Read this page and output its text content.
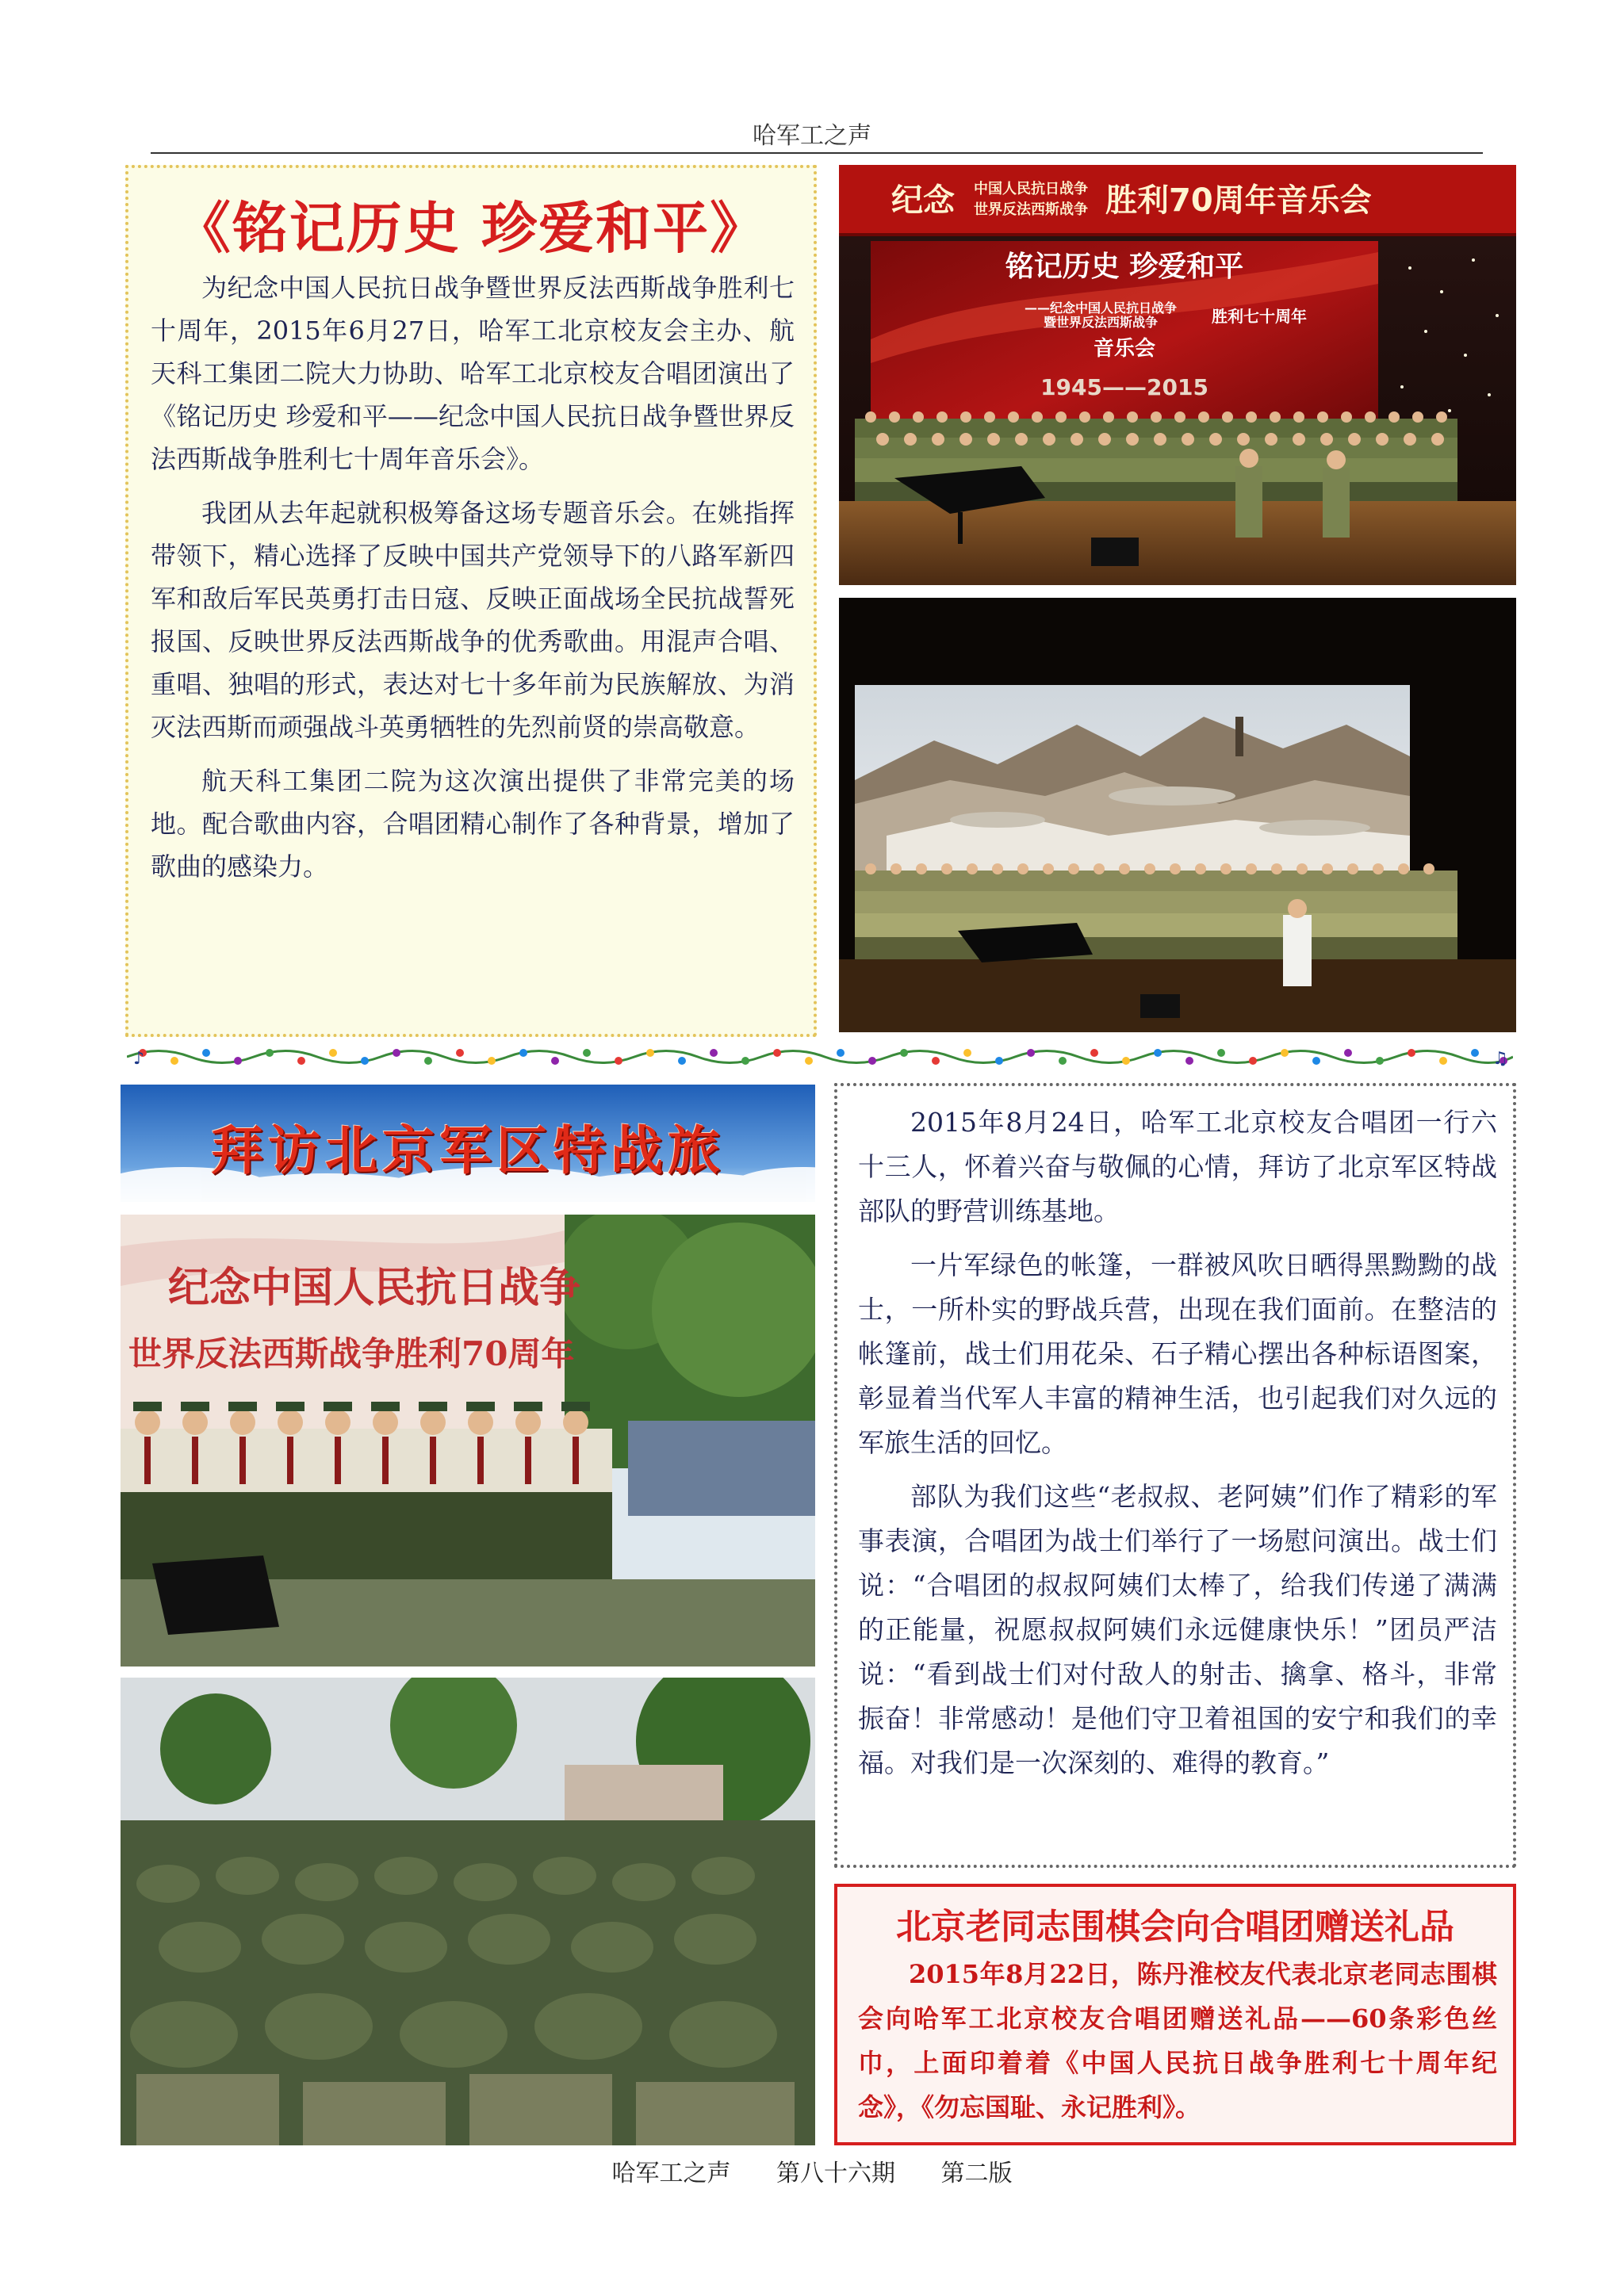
哈军工之声
《铭记历史 珍爱和平》

为纪念中国人民抗日战争暨世界反法西斯战争胜利七十周年，2015年6月27日，哈军工北京校友会主办、航天科工集团二院大力协助、哈军工北京校友合唱团演出了《铭记历史 珍爱和平——纪念中国人民抗日战争暨世界反法西斯战争胜利七十周年音乐会》。

我团从去年起就积极筹备这场专题音乐会。在姚指挥带领下，精心选择了反映中国共产党领导下的八路军新四军和敌后军民英勇打击日寇、反映正面战场全民抗战誓死报国、反映世界反法西斯战争的优秀歌曲。用混声合唱、重唱、独唱的形式，表达对七十多年前为民族解放、为消灭法西斯而顽强战斗英勇牺牲的先烈前贤的崇高敬意。

航天科工集团二院为这次演出提供了非常完美的场地。配合歌曲内容，合唱团精心制作了各种背景，增加了歌曲的感染力。

纪念 中国人民抗日战争
世界反法西斯战争 胜利70周年音乐会
铭记历史 珍爱和平
——纪念中国人民抗日战争
暨世界反法西斯战争	胜利七十周年
音乐会
1945——2015
♪	♫
拜访北京军区特战旅
纪念中国人民抗日战争
世界反法西斯战争胜利70周年

2015年8月24日，哈军工北京校友合唱团一行六十三人，怀着兴奋与敬佩的心情，拜访了北京军区特战部队的野营训练基地。

一片军绿色的帐篷，一群被风吹日晒得黑黝黝的战士，一所朴实的野战兵营，出现在我们面前。在整洁的帐篷前，战士们用花朵、石子精心摆出各种标语图案，彰显着当代军人丰富的精神生活，也引起我们对久远的军旅生活的回忆。

部队为我们这些“老叔叔、老阿姨”们作了精彩的军事表演，合唱团为战士们举行了一场慰问演出。战士们说：“合唱团的叔叔阿姨们太棒了，给我们传递了满满的正能量，祝愿叔叔阿姨们永远健康快乐！”团员严洁说：“看到战士们对付敌人的射击、擒拿、格斗，非常振奋！非常感动！是他们守卫着祖国的安宁和我们的幸福。对我们是一次深刻的、难得的教育。”

北京老同志围棋会向合唱团赠送礼品

2015年8月22日，陈丹淮校友代表北京老同志围棋会向哈军工北京校友合唱团赠送礼品——60条彩色丝巾，上面印着着《中国人民抗日战争胜利七十周年纪念》，《勿忘国耻、永记胜利》。

哈军工之声 第八十六期 第二版
